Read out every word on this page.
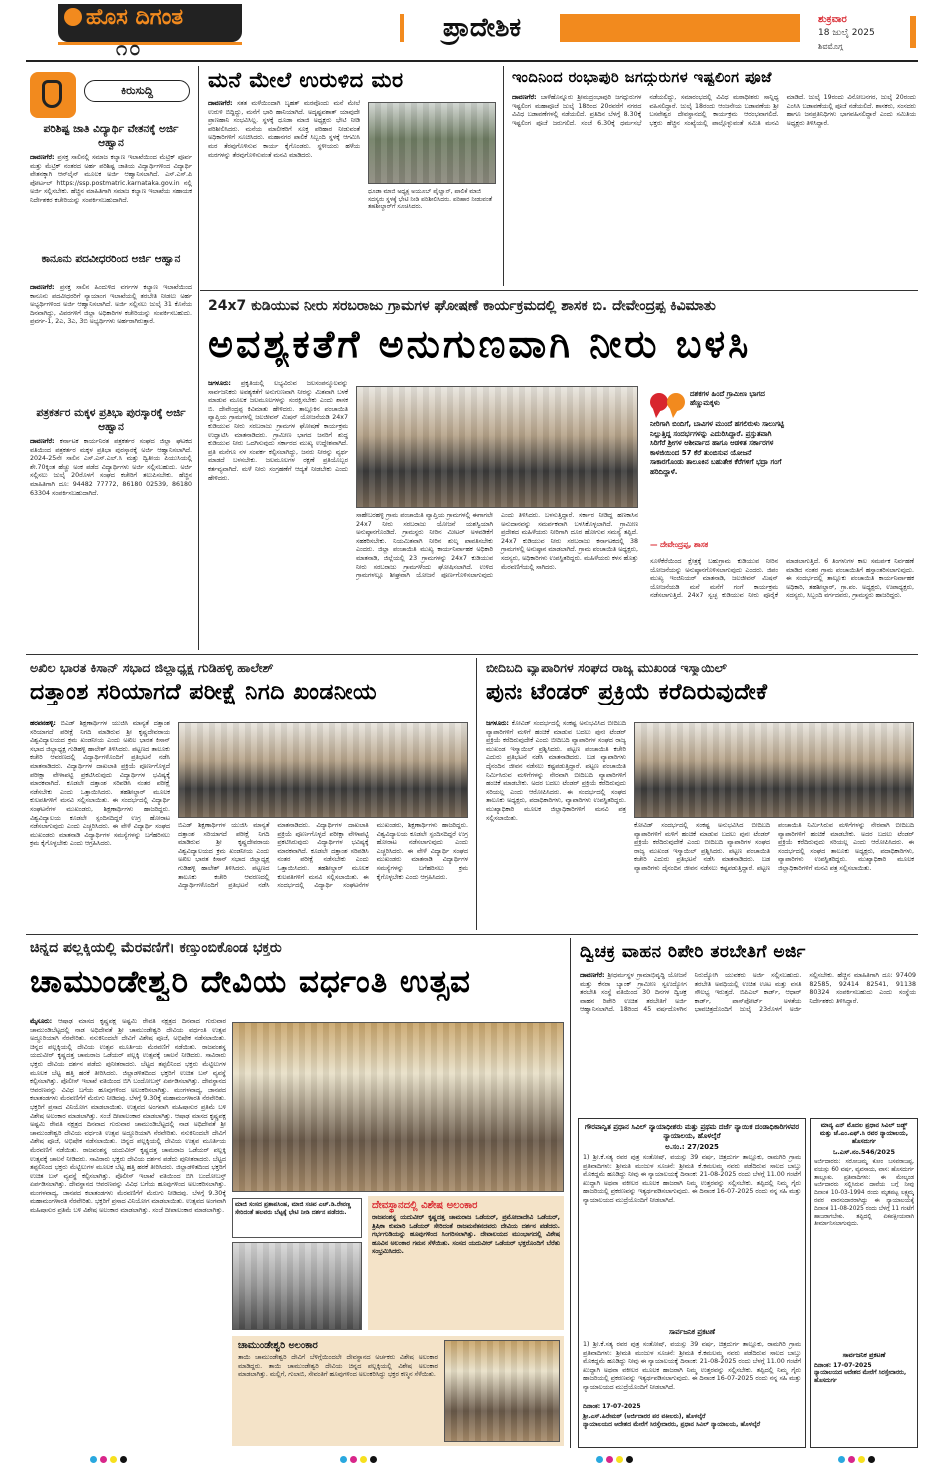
ಹೊಸ ದಿಗಂತ
೧೦
ಪ್ರಾದೇಶಿಕ	ಶುಕ್ರವಾರ
18 ಜುಲೈ 2025
ಶಿವಮೊಗ್ಗ
ಕಿರುಸುದ್ದಿ
ಪರಿಶಿಷ್ಟ ಜಾತಿ ವಿದ್ಯಾರ್ಥಿ ವೇತನಕ್ಕೆ ಅರ್ಜಿ ಆಹ್ವಾನ
ದಾವಣಗೆರೆ: ಪ್ರಸಕ್ತ ಸಾಲಿನಲ್ಲಿ ಸಮಾಜ ಕಲ್ಯಾಣ ಇಲಾಖೆಯಿಂದ ಮೆಟ್ರಿಕ್ ಪೂರ್ವ ಮತ್ತು ಮೆಟ್ರಿಕ್ ನಂತರದ ಅರ್ಹ ಪರಿಶಿಷ್ಟ ಜಾತಿಯ ವಿದ್ಯಾರ್ಥಿಗಳಿಂದ ವಿದ್ಯಾರ್ಥಿ ವೇತನಕ್ಕಾಗಿ ಆನ್‌ಲೈನ್ ಮೂಲಕ ಅರ್ಜಿ ಆಹ್ವಾನಿಸಲಾಗಿದೆ. ಎಸ್.ಎಸ್.ಪಿ ಪೋರ್ಟಲ್ https://ssp.postmatric.karnataka.gov.in ನಲ್ಲಿ ಅರ್ಜಿ ಸಲ್ಲಿಸಬೇಕು. ಹೆಚ್ಚಿನ ಮಾಹಿತಿಗಾಗಿ ಸಮಾಜ ಕಲ್ಯಾಣ ಇಲಾಖೆಯ ಸಹಾಯಕ ನಿರ್ದೇಶಕರ ಕಚೇರಿಯನ್ನು ಸಂಪರ್ಕಿಸಬಹುದಾಗಿದೆ.
ಕಾನೂನು ಪದವೀಧರರಿಂದ ಅರ್ಜಿ ಆಹ್ವಾನ
ದಾವಣಗೆರೆ: ಪ್ರಸಕ್ತ ಸಾಲಿನ ಹಿಂದುಳಿದ ವರ್ಗಗಳ ಕಲ್ಯಾಣ ಇಲಾಖೆಯಿಂದ ಕಾನೂನು ಪದವೀಧರರಿಗೆ ನ್ಯಾಯಾಂಗ ಇಲಾಖೆಯಲ್ಲಿ ತರಬೇತಿ ನೀಡಲು ಅರ್ಹ ಅಭ್ಯರ್ಥಿಗಳಿಂದ ಅರ್ಜಿ ಆಹ್ವಾನಿಸಲಾಗಿದೆ. ಅರ್ಜಿ ಸಲ್ಲಿಸಲು ಜುಲೈ 31 ಕೊನೆಯ ದಿನವಾಗಿದ್ದು, ವಿವರಗಳಿಗೆ ಜಿಲ್ಲಾ ಅಧಿಕಾರಿಗಳ ಕಚೇರಿಯನ್ನು ಸಂಪರ್ಕಿಸಬಹುದು. ಪ್ರವರ್ಗ-1, 2ಎ, 3ಎ, 3ಬಿ ಅಭ್ಯರ್ಥಿಗಳು ಅರ್ಹರಾಗಿರುತ್ತಾರೆ.
ಪತ್ರಕರ್ತರ ಮಕ್ಕಳ ಪ್ರತಿಭಾ ಪುರಸ್ಕಾರಕ್ಕೆ ಅರ್ಜಿ ಆಹ್ವಾನ
ದಾವಣಗೆರೆ: ಕರ್ನಾಟಕ ಕಾರ್ಯನಿರತ ಪತ್ರಕರ್ತರ ಸಂಘದ ಜಿಲ್ಲಾ ಘಟಕದ ವತಿಯಿಂದ ಪತ್ರಕರ್ತರ ಮಕ್ಕಳ ಪ್ರತಿಭಾ ಪುರಸ್ಕಾರಕ್ಕೆ ಅರ್ಜಿ ಆಹ್ವಾನಿಸಲಾಗಿದೆ. 2024-25ನೇ ಸಾಲಿನ ಎಸ್.ಎಸ್.ಎಲ್.ಸಿ ಮತ್ತು ದ್ವಿತೀಯ ಪಿಯುಸಿಯಲ್ಲಿ ಶೇ.70ಕ್ಕಿಂತ ಹೆಚ್ಚು ಅಂಕ ಪಡೆದ ವಿದ್ಯಾರ್ಥಿಗಳು ಅರ್ಜಿ ಸಲ್ಲಿಸಬಹುದು. ಅರ್ಜಿ ಸಲ್ಲಿಸಲು ಜುಲೈ 20ರೊಳಗೆ ಸಂಘದ ಕಚೇರಿಗೆ ತಲುಪಿಸಬೇಕು. ಹೆಚ್ಚಿನ ಮಾಹಿತಿಗಾಗಿ ದೂ: 94482 77772, 86180 02539, 86180 63304 ಸಂಪರ್ಕಿಸಬಹುದಾಗಿದೆ.
ಮನೆ ಮೇಲೆ ಉರುಳಿದ ಮರ
ದಾವಣಗೆರೆ: ಸತತ ಮಳೆಯಿಂದಾಗಿ ಬೃಹತ್ ಮರವೊಂದು ಮನೆ ಮೇಲೆ ಉರುಳಿ ಬಿದ್ದಿದ್ದು, ಮನೆಗೆ ಭಾರಿ ಹಾನಿಯಾಗಿದೆ. ಅದೃಷ್ಟವಶಾತ್ ಯಾವುದೇ ಪ್ರಾಣಹಾನಿ ಸಂಭವಿಸಿಲ್ಲ. ಸ್ಥಳಕ್ಕೆ ಧೂಡಾ ಮಾಜಿ ಅಧ್ಯಕ್ಷರು ಭೇಟಿ ನೀಡಿ ಪರಿಶೀಲಿಸಿದರು. ಮನೆಯ ಮಾಲೀಕರಿಗೆ ಸೂಕ್ತ ಪರಿಹಾರ ನೀಡುವಂತೆ ಅಧಿಕಾರಿಗಳಿಗೆ ಸೂಚಿಸಿದರು. ಮಹಾನಗರ ಪಾಲಿಕೆ ಸಿಬ್ಬಂದಿ ಸ್ಥಳಕ್ಕೆ ಆಗಮಿಸಿ ಮರ ತೆರವುಗೊಳಿಸುವ ಕಾರ್ಯ ಕೈಗೊಂಡರು. ಸ್ಥಳೀಯರು ಹಳೆಯ ಮರಗಳನ್ನು ತೆರವುಗೊಳಿಸುವಂತೆ ಮನವಿ ಮಾಡಿದರು.
ಧೂಡಾ ಮಾಜಿ ಅಧ್ಯಕ್ಷ ಅಯೂಬ್ ಪೈಲ್ವಾನ್, ಪಾಲಿಕೆ ಮಾಜಿ ಸದಸ್ಯರು ಸ್ಥಳಕ್ಕೆ ಭೇಟಿ ನೀಡಿ ಪರಿಶೀಲಿಸಿದರು. ಪರಿಹಾರ ನೀಡುವಂತೆ ತಹಶೀಲ್ದಾರ್‌ಗೆ ಸೂಚಿಸಿದರು.
ಇಂದಿನಿಂದ ರಂಭಾಪುರಿ ಜಗದ್ಗುರುಗಳ ಇಷ್ಟಲಿಂಗ ಪೂಜೆ
ದಾವಣಗೆರೆ: ಬಾಳೆಹೊನ್ನೂರು ಶ್ರೀಮದ್ರಂಭಾಪುರಿ ಜಗದ್ಗುರುಗಳ ಇಷ್ಟಲಿಂಗ ಮಹಾಪೂಜೆ ಜುಲೈ 18ರಿಂದ 20ರವರೆಗೆ ನಗರದ ವಿವಿಧ ಬಡಾವಣೆಗಳಲ್ಲಿ ನಡೆಯಲಿದೆ. ಪ್ರತಿದಿನ ಬೆಳಗ್ಗೆ 8.30ಕ್ಕೆ ಇಷ್ಟಲಿಂಗ ಪೂಜೆ ಜರುಗಲಿದೆ. ಸಂಜೆ 6.30ಕ್ಕೆ ಧರ್ಮಸಭೆ ನಡೆಯಲಿದ್ದು, ಸಮಾರಂಭದಲ್ಲಿ ವಿವಿಧ ಮಠಾಧೀಶರು ಸಾನ್ನಿಧ್ಯ ವಹಿಸಲಿದ್ದಾರೆ. ಜುಲೈ 18ರಂದು ಆಂಜನೇಯ ಬಡಾವಣೆಯ ಶ್ರೀ ಬಸವೇಶ್ವರ ದೇವಸ್ಥಾನದಲ್ಲಿ ಕಾರ್ಯಕ್ರಮ ಆರಂಭವಾಗಲಿದೆ. ಭಕ್ತರು ಹೆಚ್ಚಿನ ಸಂಖ್ಯೆಯಲ್ಲಿ ಪಾಲ್ಗೊಳ್ಳುವಂತೆ ಸಮಿತಿ ಮನವಿ ಮಾಡಿದೆ. ಜುಲೈ 19ರಂದು ವಿನೋಬನಗರ, ಜುಲೈ 20ರಂದು ಎಂಸಿಸಿ ಬಡಾವಣೆಯಲ್ಲಿ ಪೂಜೆ ನಡೆಯಲಿದೆ. ಶಾಸಕರು, ಸಂಸದರು ಹಾಗೂ ಜನಪ್ರತಿನಿಧಿಗಳು ಭಾಗವಹಿಸಲಿದ್ದಾರೆ ಎಂದು ಸಮಿತಿಯ ಅಧ್ಯಕ್ಷರು ತಿಳಿಸಿದ್ದಾರೆ.
24x7 ಕುಡಿಯುವ ನೀರು ಸರಬರಾಜು ಗ್ರಾಮಗಳ ಘೋಷಣೆ ಕಾರ್ಯಕ್ರಮದಲ್ಲಿ ಶಾಸಕ ಬಿ. ದೇವೇಂದ್ರಪ್ಪ ಕಿವಿಮಾತು
ಅವಶ್ಯಕತೆಗೆ ಅನುಗುಣವಾಗಿ ನೀರು ಬಳಸಿ
ಜಗಳೂರು: ಪ್ರಕೃತಿಯಲ್ಲಿ ಲಭ್ಯವಿರುವ ಜಲಸಂಪನ್ಮೂಲವನ್ನು ಸಾರ್ವಜನಿಕರು ಅವಶ್ಯಕತೆಗೆ ಅನುಗುಣವಾಗಿ ನೀರನ್ನು ಮಿತವಾಗಿ ಬಳಕೆ ಮಾಡುವ ಮೂಲಕ ಜಲಮೂಲಗಳನ್ನು ಸಂರಕ್ಷಿಸಬೇಕು ಎಂದು ಶಾಸಕ ಬಿ. ದೇವೇಂದ್ರಪ್ಪ ಕಿವಿಮಾತು ಹೇಳಿದರು. ತಾಲ್ಲೂಕಿನ ಪಂಚಾಯಿತಿ ವ್ಯಾಪ್ತಿಯ ಗ್ರಾಮಗಳಲ್ಲಿ ಜಲಜೀವನ್ ಮಿಷನ್ ಯೋಜನೆಯಡಿ 24x7 ಕುಡಿಯುವ ನೀರು ಸರಬರಾಜು ಗ್ರಾಮಗಳ ಘೋಷಣೆ ಕಾರ್ಯಕ್ರಮ ಉದ್ಘಾಟಿಸಿ ಮಾತನಾಡಿದರು. ಗ್ರಾಮೀಣ ಭಾಗದ ಜನರಿಗೆ ಶುದ್ಧ ಕುಡಿಯುವ ನೀರು ಒದಗಿಸುವುದು ಸರ್ಕಾರದ ಮುಖ್ಯ ಉದ್ದೇಶವಾಗಿದೆ. ಪ್ರತಿ ಮನೆಗೂ ನಳ ಸಂಪರ್ಕ ಕಲ್ಪಿಸಲಾಗಿದ್ದು, ಜನರು ನೀರನ್ನು ವ್ಯರ್ಥ ಮಾಡದೆ ಬಳಸಬೇಕು. ಜಲಮೂಲಗಳ ರಕ್ಷಣೆ ಪ್ರತಿಯೊಬ್ಬರ ಕರ್ತವ್ಯವಾಗಿದೆ. ಮಳೆ ನೀರು ಸಂಗ್ರಹಣೆಗೆ ಆದ್ಯತೆ ನೀಡಬೇಕು ಎಂದು ಹೇಳಿದರು.
ಸಾಹೇಬರಹಳ್ಳಿ ಗ್ರಾಮ ಪಂಚಾಯಿತಿ ವ್ಯಾಪ್ತಿಯ ಗ್ರಾಮಗಳಲ್ಲಿ ಈಗಾಗಲೇ 24x7 ನೀರು ಸರಬರಾಜು ಯೋಜನೆ ಯಶಸ್ವಿಯಾಗಿ ಅನುಷ್ಠಾನಗೊಂಡಿದೆ. ಗ್ರಾಮಸ್ಥರು ನೀರಿನ ಮೀಟರ್ ಅಳವಡಿಕೆಗೆ ಸಹಕರಿಸಬೇಕು. ನಿಯಮಿತವಾಗಿ ನೀರಿನ ಶುಲ್ಕ ಪಾವತಿಸಬೇಕು ಎಂದರು. ಜಿಲ್ಲಾ ಪಂಚಾಯಿತಿ ಮುಖ್ಯ ಕಾರ್ಯನಿರ್ವಾಹಕ ಅಧಿಕಾರಿ ಮಾತನಾಡಿ, ಜಿಲ್ಲೆಯಲ್ಲಿ 23 ಗ್ರಾಮಗಳನ್ನು 24x7 ಕುಡಿಯುವ ನೀರು ಸರಬರಾಜು ಗ್ರಾಮಗಳೆಂದು ಘೋಷಿಸಲಾಗಿದೆ. ಉಳಿದ ಗ್ರಾಮಗಳಲ್ಲೂ ಶೀಘ್ರವಾಗಿ ಯೋಜನೆ ಪೂರ್ಣಗೊಳಿಸಲಾಗುವುದು ಎಂದು ತಿಳಿಸಿದರು. ಬಳಸುತ್ತಿದ್ದಾರೆ. ಸರ್ಕಾರ ನೀಡಿದ್ದ ಹಣಕಾಸಿನ ಅನುದಾನವನ್ನು ಸಮರ್ಪಕವಾಗಿ ಬಳಸಿಕೊಳ್ಳಲಾಗಿದೆ. ಗ್ರಾಮೀಣ ಪ್ರದೇಶದ ಮಹಿಳೆಯರು ನೀರಿಗಾಗಿ ದೂರ ಹೋಗುವ ಸಮಸ್ಯೆ ತಪ್ಪಿದೆ. 24x7 ಕುಡಿಯುವ ನೀರು ಸರಬರಾಜು ಕರ್ನಾಟಕದಲ್ಲಿ 38 ಗ್ರಾಮಗಳಲ್ಲಿ ಅನುಷ್ಠಾನ ಮಾಡಲಾಗಿದೆ. ಗ್ರಾಮ ಪಂಚಾಯಿತಿ ಅಧ್ಯಕ್ಷರು, ಸದಸ್ಯರು, ಅಧಿಕಾರಿಗಳು ಉಪಸ್ಥಿತರಿದ್ದರು. ಮಹಿಳೆಯರು ಕಳಸ ಹೊತ್ತು ಮೆರವಣಿಗೆಯಲ್ಲಿ ಸಾಗಿದರು.
ದಶಕಗಳ ಹಿಂದೆ ಗ್ರಾಮೀಣ ಭಾಗದ ಹೆಣ್ಣುಮಕ್ಕಳು
ನೀರಿಗಾಗಿ ಬಿಂದಿಗೆ, ಬಾವಿಗಳ ಮುಂದೆ ಹಗಲಿರುಳು ಸಾಲುಗಟ್ಟಿ ನಿಲ್ಲುತ್ತಿದ್ದ ಸಂದರ್ಭಗಳನ್ನು ಎದುರಿಸಿದ್ದಾರೆ. ಪ್ರಸ್ತುತವಾಗಿ ಸಿರಿಗೆರೆ ಶ್ರೀಗಳ ಆಶೀರ್ವಾದ ಹಾಗೂ ಆಡಳಿತ ಸರ್ಕಾರಗಳ ಕಾಳಜಿಯಿಂದ 57 ಕೆರೆ ತುಂಬಿಸುವ ಯೋಜನೆ ಸಾಕಾರಗೊಂಡು ತಾಲೂಕಿನ ಬಹುತೇಕ ಕೆರೆಗಳಿಗೆ ಭದ್ರಾ ಗಂಗೆ ಹರಿದಿದ್ದಾಳೆ.
— ದೇವೇಂದ್ರಪ್ಪ, ಶಾಸಕ
ಸೂಳೆಕೆರೆಯಿಂದ ಕ್ಷೇತ್ರಕ್ಕೆ ಬಹುಗ್ರಾಮ ಕುಡಿಯುವ ನೀರಿನ ಯೋಜನೆಯನ್ನು ಅನುಷ್ಠಾನಗೊಳಿಸಲಾಗುವುದು ಎಂದರು. ಜಿಪಂ ಮುಖ್ಯ ಇಂಜಿನಿಯರ್ ಮಾತನಾಡಿ, ಜಲಜೀವನ್ ಮಿಷನ್ ಯೋಜನೆಯಡಿ ಮನೆ ಮನೆಗೆ ಗಂಗೆ ಕಾರ್ಯಕ್ರಮ ನಡೆಸಲಾಗುತ್ತಿದೆ. 24x7 ಸ್ವಚ್ಛ ಕುಡಿಯುವ ನೀರು ಪೂರೈಕೆ ಮಾಡಲಾಗುತ್ತಿದೆ. 6 ತಿಂಗಳುಗಳ ಕಾಲ ಸಮರ್ಪಕ ನಿರ್ವಹಣೆ ಮಾಡಿದ ನಂತರ ಗ್ರಾಮ ಪಂಚಾಯಿತಿಗೆ ಹಸ್ತಾಂತರಿಸಲಾಗುವುದು. ಈ ಸಂದರ್ಭದಲ್ಲಿ ತಾಲ್ಲೂಕು ಪಂಚಾಯಿತಿ ಕಾರ್ಯನಿರ್ವಾಹಕ ಅಧಿಕಾರಿ, ತಹಶೀಲ್ದಾರ್, ಗ್ರಾ.ಪಂ. ಅಧ್ಯಕ್ಷರು, ಉಪಾಧ್ಯಕ್ಷರು, ಸದಸ್ಯರು, ಸಿಬ್ಬಂದಿ ವರ್ಗದವರು, ಗ್ರಾಮಸ್ಥರು ಹಾಜರಿದ್ದರು.
ಅಖಿಲ ಭಾರತ ಕಿಸಾನ್ ಸಭಾದ ಜಿಲ್ಲಾಧ್ಯಕ್ಷ ಗುಡಿಹಳ್ಳಿ ಹಾಲೇಶ್
ದತ್ತಾಂಶ ಸರಿಯಾಗದೆ ಪರೀಕ್ಷೆ ನಿಗದಿ ಖಂಡನೀಯ
ಹರಪನಹಳ್ಳಿ: ಬಿಎಡ್ ಶಿಕ್ಷಣಾರ್ಥಿಗಳ ಯುಜಿಸಿ ಮಾನ್ಯತೆ ದತ್ತಾಂಶ ಸರಿಯಾಗದೆ ಪರೀಕ್ಷೆ ನಿಗದಿ ಮಾಡಿರುವ ಶ್ರೀ ಕೃಷ್ಣದೇವರಾಯ ವಿಶ್ವವಿದ್ಯಾಲಯದ ಕ್ರಮ ಖಂಡನೀಯ ಎಂದು ಅಖಿಲ ಭಾರತ ಕಿಸಾನ್ ಸಭಾದ ಜಿಲ್ಲಾಧ್ಯಕ್ಷ ಗುಡಿಹಳ್ಳಿ ಹಾಲೇಶ್ ತಿಳಿಸಿದರು. ಪಟ್ಟಣದ ತಾಲೂಕು ಕಚೇರಿ ಆವರಣದಲ್ಲಿ ವಿದ್ಯಾರ್ಥಿಗಳೊಂದಿಗೆ ಪ್ರತಿಭಟನೆ ನಡೆಸಿ ಮಾತನಾಡಿದರು. ವಿದ್ಯಾರ್ಥಿಗಳ ದಾಖಲಾತಿ ಪ್ರಕ್ರಿಯೆ ಪೂರ್ಣಗೊಳ್ಳದೆ ಪರೀಕ್ಷಾ ವೇಳಾಪಟ್ಟಿ ಪ್ರಕಟಿಸಿರುವುದು ವಿದ್ಯಾರ್ಥಿಗಳ ಭವಿಷ್ಯಕ್ಕೆ ಮಾರಕವಾಗಿದೆ. ಕೂಡಲೇ ದತ್ತಾಂಶ ಸರಿಪಡಿಸಿ ನಂತರ ಪರೀಕ್ಷೆ ನಡೆಸಬೇಕು ಎಂದು ಒತ್ತಾಯಿಸಿದರು. ತಹಶೀಲ್ದಾರ್ ಮೂಲಕ ಕುಲಪತಿಗಳಿಗೆ ಮನವಿ ಸಲ್ಲಿಸಲಾಯಿತು. ಈ ಸಂದರ್ಭದಲ್ಲಿ ವಿದ್ಯಾರ್ಥಿ ಸಂಘಟನೆಗಳ ಮುಖಂಡರು, ಶಿಕ್ಷಣಾರ್ಥಿಗಳು ಹಾಜರಿದ್ದರು. ವಿಶ್ವವಿದ್ಯಾಲಯ ಕೂಡಲೇ ಸ್ಪಂದಿಸದಿದ್ದರೆ ಉಗ್ರ ಹೋರಾಟ ನಡೆಸಲಾಗುವುದು ಎಂದು ಎಚ್ಚರಿಸಿದರು. ಈ ವೇಳೆ ವಿದ್ಯಾರ್ಥಿ ಸಂಘದ ಮುಖಂಡರು ಮಾತನಾಡಿ ವಿದ್ಯಾರ್ಥಿಗಳ ಸಮಸ್ಯೆಗಳನ್ನು ಬಗೆಹರಿಸಲು ಕ್ರಮ ಕೈಗೊಳ್ಳಬೇಕು ಎಂದು ಆಗ್ರಹಿಸಿದರು.
ಬಿಎಡ್ ಶಿಕ್ಷಣಾರ್ಥಿಗಳ ಯುಜಿಸಿ ಮಾನ್ಯತೆ ದತ್ತಾಂಶ ಸರಿಯಾಗದೆ ಪರೀಕ್ಷೆ ನಿಗದಿ ಮಾಡಿರುವ ಶ್ರೀ ಕೃಷ್ಣದೇವರಾಯ ವಿಶ್ವವಿದ್ಯಾಲಯದ ಕ್ರಮ ಖಂಡನೀಯ ಎಂದು ಅಖಿಲ ಭಾರತ ಕಿಸಾನ್ ಸಭಾದ ಜಿಲ್ಲಾಧ್ಯಕ್ಷ ಗುಡಿಹಳ್ಳಿ ಹಾಲೇಶ್ ತಿಳಿಸಿದರು. ಪಟ್ಟಣದ ತಾಲೂಕು ಕಚೇರಿ ಆವರಣದಲ್ಲಿ ವಿದ್ಯಾರ್ಥಿಗಳೊಂದಿಗೆ ಪ್ರತಿಭಟನೆ ನಡೆಸಿ ಮಾತನಾಡಿದರು. ವಿದ್ಯಾರ್ಥಿಗಳ ದಾಖಲಾತಿ ಪ್ರಕ್ರಿಯೆ ಪೂರ್ಣಗೊಳ್ಳದೆ ಪರೀಕ್ಷಾ ವೇಳಾಪಟ್ಟಿ ಪ್ರಕಟಿಸಿರುವುದು ವಿದ್ಯಾರ್ಥಿಗಳ ಭವಿಷ್ಯಕ್ಕೆ ಮಾರಕವಾಗಿದೆ. ಕೂಡಲೇ ದತ್ತಾಂಶ ಸರಿಪಡಿಸಿ ನಂತರ ಪರೀಕ್ಷೆ ನಡೆಸಬೇಕು ಎಂದು ಒತ್ತಾಯಿಸಿದರು. ತಹಶೀಲ್ದಾರ್ ಮೂಲಕ ಕುಲಪತಿಗಳಿಗೆ ಮನವಿ ಸಲ್ಲಿಸಲಾಯಿತು. ಈ ಸಂದರ್ಭದಲ್ಲಿ ವಿದ್ಯಾರ್ಥಿ ಸಂಘಟನೆಗಳ ಮುಖಂಡರು, ಶಿಕ್ಷಣಾರ್ಥಿಗಳು ಹಾಜರಿದ್ದರು. ವಿಶ್ವವಿದ್ಯಾಲಯ ಕೂಡಲೇ ಸ್ಪಂದಿಸದಿದ್ದರೆ ಉಗ್ರ ಹೋರಾಟ ನಡೆಸಲಾಗುವುದು ಎಂದು ಎಚ್ಚರಿಸಿದರು. ಈ ವೇಳೆ ವಿದ್ಯಾರ್ಥಿ ಸಂಘದ ಮುಖಂಡರು ಮಾತನಾಡಿ ವಿದ್ಯಾರ್ಥಿಗಳ ಸಮಸ್ಯೆಗಳನ್ನು ಬಗೆಹರಿಸಲು ಕ್ರಮ ಕೈಗೊಳ್ಳಬೇಕು ಎಂದು ಆಗ್ರಹಿಸಿದರು.
ಬೀದಿಬದಿ ವ್ಯಾಪಾರಿಗಳ ಸಂಘದ ರಾಜ್ಯ ಮುಖಂಡ ಇಸ್ಮಾಯಿಲ್
ಪುನಃ ಟೆಂಡರ್ ಪ್ರಕ್ರಿಯೆ ಕರೆದಿರುವುದೇಕೆ
ಜಗಳೂರು: ಕೋವಿಡ್ ಸಂದರ್ಭದಲ್ಲಿ ಸಂಕಷ್ಟ ಅನುಭವಿಸಿದ ಬೀದಿಬದಿ ವ್ಯಾಪಾರಿಗಳಿಗೆ ಮಳಿಗೆ ಹಂಚಿಕೆ ಮಾಡುವ ಬದಲು ಪುನಃ ಟೆಂಡರ್ ಪ್ರಕ್ರಿಯೆ ಕರೆದಿರುವುದೇಕೆ ಎಂದು ಬೀದಿಬದಿ ವ್ಯಾಪಾರಿಗಳ ಸಂಘದ ರಾಜ್ಯ ಮುಖಂಡ ಇಸ್ಮಾಯಿಲ್ ಪ್ರಶ್ನಿಸಿದರು. ಪಟ್ಟಣ ಪಂಚಾಯಿತಿ ಕಚೇರಿ ಎದುರು ಪ್ರತಿಭಟನೆ ನಡೆಸಿ ಮಾತನಾಡಿದರು. ಬಡ ವ್ಯಾಪಾರಿಗಳು ದೈನಂದಿನ ಜೀವನ ನಡೆಸಲು ಕಷ್ಟಪಡುತ್ತಿದ್ದಾರೆ. ಪಟ್ಟಣ ಪಂಚಾಯಿತಿ ನಿರ್ಮಿಸಿರುವ ಮಳಿಗೆಗಳನ್ನು ನೇರವಾಗಿ ಬೀದಿಬದಿ ವ್ಯಾಪಾರಿಗಳಿಗೆ ಹಂಚಿಕೆ ಮಾಡಬೇಕು. ಅದರ ಬದಲು ಟೆಂಡರ್ ಪ್ರಕ್ರಿಯೆ ಕರೆದಿರುವುದು ಸರಿಯಲ್ಲ ಎಂದು ಆರೋಪಿಸಿದರು. ಈ ಸಂದರ್ಭದಲ್ಲಿ ಸಂಘದ ತಾಲೂಕು ಅಧ್ಯಕ್ಷರು, ಪದಾಧಿಕಾರಿಗಳು, ವ್ಯಾಪಾರಿಗಳು ಉಪಸ್ಥಿತರಿದ್ದರು. ಮುಖ್ಯಾಧಿಕಾರಿ ಮೂಲಕ ಜಿಲ್ಲಾಧಿಕಾರಿಗಳಿಗೆ ಮನವಿ ಪತ್ರ ಸಲ್ಲಿಸಲಾಯಿತು.
ಕೋವಿಡ್ ಸಂದರ್ಭದಲ್ಲಿ ಸಂಕಷ್ಟ ಅನುಭವಿಸಿದ ಬೀದಿಬದಿ ವ್ಯಾಪಾರಿಗಳಿಗೆ ಮಳಿಗೆ ಹಂಚಿಕೆ ಮಾಡುವ ಬದಲು ಪುನಃ ಟೆಂಡರ್ ಪ್ರಕ್ರಿಯೆ ಕರೆದಿರುವುದೇಕೆ ಎಂದು ಬೀದಿಬದಿ ವ್ಯಾಪಾರಿಗಳ ಸಂಘದ ರಾಜ್ಯ ಮುಖಂಡ ಇಸ್ಮಾಯಿಲ್ ಪ್ರಶ್ನಿಸಿದರು. ಪಟ್ಟಣ ಪಂಚಾಯಿತಿ ಕಚೇರಿ ಎದುರು ಪ್ರತಿಭಟನೆ ನಡೆಸಿ ಮಾತನಾಡಿದರು. ಬಡ ವ್ಯಾಪಾರಿಗಳು ದೈನಂದಿನ ಜೀವನ ನಡೆಸಲು ಕಷ್ಟಪಡುತ್ತಿದ್ದಾರೆ. ಪಟ್ಟಣ ಪಂಚಾಯಿತಿ ನಿರ್ಮಿಸಿರುವ ಮಳಿಗೆಗಳನ್ನು ನೇರವಾಗಿ ಬೀದಿಬದಿ ವ್ಯಾಪಾರಿಗಳಿಗೆ ಹಂಚಿಕೆ ಮಾಡಬೇಕು. ಅದರ ಬದಲು ಟೆಂಡರ್ ಪ್ರಕ್ರಿಯೆ ಕರೆದಿರುವುದು ಸರಿಯಲ್ಲ ಎಂದು ಆರೋಪಿಸಿದರು. ಈ ಸಂದರ್ಭದಲ್ಲಿ ಸಂಘದ ತಾಲೂಕು ಅಧ್ಯಕ್ಷರು, ಪದಾಧಿಕಾರಿಗಳು, ವ್ಯಾಪಾರಿಗಳು ಉಪಸ್ಥಿತರಿದ್ದರು. ಮುಖ್ಯಾಧಿಕಾರಿ ಮೂಲಕ ಜಿಲ್ಲಾಧಿಕಾರಿಗಳಿಗೆ ಮನವಿ ಪತ್ರ ಸಲ್ಲಿಸಲಾಯಿತು.
ಚಿನ್ನದ ಪಲ್ಲಕ್ಕಿಯಲ್ಲಿ ಮೆರವಣಿಗೆ। ಕಣ್ತುಂಬಿಕೊಂಡ ಭಕ್ತರು
ಚಾಮುಂಡೇಶ್ವರಿ ದೇವಿಯ ವರ್ಧಂತಿ ಉತ್ಸವ
ಮೈಸೂರು: ಆಷಾಢ ಮಾಸದ ಕೃಷ್ಣಪಕ್ಷ ಅಷ್ಟಮಿ ರೇವತಿ ನಕ್ಷತ್ರದ ದಿನವಾದ ಗುರುವಾರ ಚಾಮುಂಡಿಬೆಟ್ಟದಲ್ಲಿ ನಾಡ ಅಧಿದೇವತೆ ಶ್ರೀ ಚಾಮುಂಡೇಶ್ವರಿ ದೇವಿಯ ವರ್ಧಂತಿ ಉತ್ಸವ ಅದ್ದೂರಿಯಾಗಿ ನೆರವೇರಿತು. ನಸುಕಿನಿಂದಲೇ ದೇವಿಗೆ ವಿಶೇಷ ಪೂಜೆ, ಅಭಿಷೇಕ ನಡೆಸಲಾಯಿತು. ಚಿನ್ನದ ಪಲ್ಲಕ್ಕಿಯಲ್ಲಿ ದೇವಿಯ ಉತ್ಸವ ಮೂರ್ತಿಯ ಮೆರವಣಿಗೆ ನಡೆಯಿತು. ರಾಜವಂಶಸ್ಥ ಯದುವೀರ್ ಕೃಷ್ಣದತ್ತ ಚಾಮರಾಜ ಒಡೆಯರ್ ಪಲ್ಲಕ್ಕಿ ಉತ್ಸವಕ್ಕೆ ಚಾಲನೆ ನೀಡಿದರು. ಸಾವಿರಾರು ಭಕ್ತರು ದೇವಿಯ ದರ್ಶನ ಪಡೆದು ಪುನೀತರಾದರು. ಬೆಟ್ಟದ ತಪ್ಪಲಿನಿಂದ ಭಕ್ತರು ಮೆಟ್ಟಿಲುಗಳ ಮೂಲಕ ಬೆಟ್ಟ ಹತ್ತಿ ಹರಕೆ ತೀರಿಸಿದರು. ಜಿಲ್ಲಾಡಳಿತದಿಂದ ಭಕ್ತರಿಗೆ ಉಚಿತ ಬಸ್ ವ್ಯವಸ್ಥೆ ಕಲ್ಪಿಸಲಾಗಿತ್ತು. ಪೊಲೀಸ್ ಇಲಾಖೆ ವತಿಯಿಂದ ಬಿಗಿ ಬಂದೋಬಸ್ತ್ ಏರ್ಪಡಿಸಲಾಗಿತ್ತು. ದೇವಸ್ಥಾನದ ಆವರಣವನ್ನು ವಿವಿಧ ಬಗೆಯ ಹೂವುಗಳಿಂದ ಅಲಂಕರಿಸಲಾಗಿತ್ತು. ಮಂಗಳವಾದ್ಯ, ಜಾನಪದ ಕಲಾತಂಡಗಳು ಮೆರವಣಿಗೆಗೆ ಮೆರುಗು ನೀಡಿದವು. ಬೆಳಗ್ಗೆ 9.30ಕ್ಕೆ ಮಹಾಮಂಗಳಾರತಿ ನೆರವೇರಿತು. ಭಕ್ತರಿಗೆ ಪ್ರಸಾದ ವಿನಿಯೋಗ ಮಾಡಲಾಯಿತು. ಉತ್ಸವದ ಅಂಗವಾಗಿ ಮಹಿಷಾಸುರ ಪ್ರತಿಮೆ ಬಳಿ ವಿಶೇಷ ಅಲಂಕಾರ ಮಾಡಲಾಗಿತ್ತು. ಸಂಜೆ ದೀಪಾಲಂಕಾರ ಮಾಡಲಾಗಿತ್ತು. ಆಷಾಢ ಮಾಸದ ಕೃಷ್ಣಪಕ್ಷ ಅಷ್ಟಮಿ ರೇವತಿ ನಕ್ಷತ್ರದ ದಿನವಾದ ಗುರುವಾರ ಚಾಮುಂಡಿಬೆಟ್ಟದಲ್ಲಿ ನಾಡ ಅಧಿದೇವತೆ ಶ್ರೀ ಚಾಮುಂಡೇಶ್ವರಿ ದೇವಿಯ ವರ್ಧಂತಿ ಉತ್ಸವ ಅದ್ದೂರಿಯಾಗಿ ನೆರವೇರಿತು. ನಸುಕಿನಿಂದಲೇ ದೇವಿಗೆ ವಿಶೇಷ ಪೂಜೆ, ಅಭಿಷೇಕ ನಡೆಸಲಾಯಿತು. ಚಿನ್ನದ ಪಲ್ಲಕ್ಕಿಯಲ್ಲಿ ದೇವಿಯ ಉತ್ಸವ ಮೂರ್ತಿಯ ಮೆರವಣಿಗೆ ನಡೆಯಿತು. ರಾಜವಂಶಸ್ಥ ಯದುವೀರ್ ಕೃಷ್ಣದತ್ತ ಚಾಮರಾಜ ಒಡೆಯರ್ ಪಲ್ಲಕ್ಕಿ ಉತ್ಸವಕ್ಕೆ ಚಾಲನೆ ನೀಡಿದರು. ಸಾವಿರಾರು ಭಕ್ತರು ದೇವಿಯ ದರ್ಶನ ಪಡೆದು ಪುನೀತರಾದರು. ಬೆಟ್ಟದ ತಪ್ಪಲಿನಿಂದ ಭಕ್ತರು ಮೆಟ್ಟಿಲುಗಳ ಮೂಲಕ ಬೆಟ್ಟ ಹತ್ತಿ ಹರಕೆ ತೀರಿಸಿದರು. ಜಿಲ್ಲಾಡಳಿತದಿಂದ ಭಕ್ತರಿಗೆ ಉಚಿತ ಬಸ್ ವ್ಯವಸ್ಥೆ ಕಲ್ಪಿಸಲಾಗಿತ್ತು. ಪೊಲೀಸ್ ಇಲಾಖೆ ವತಿಯಿಂದ ಬಿಗಿ ಬಂದೋಬಸ್ತ್ ಏರ್ಪಡಿಸಲಾಗಿತ್ತು. ದೇವಸ್ಥಾನದ ಆವರಣವನ್ನು ವಿವಿಧ ಬಗೆಯ ಹೂವುಗಳಿಂದ ಅಲಂಕರಿಸಲಾಗಿತ್ತು. ಮಂಗಳವಾದ್ಯ, ಜಾನಪದ ಕಲಾತಂಡಗಳು ಮೆರವಣಿಗೆಗೆ ಮೆರುಗು ನೀಡಿದವು. ಬೆಳಗ್ಗೆ 9.30ಕ್ಕೆ ಮಹಾಮಂಗಳಾರತಿ ನೆರವೇರಿತು. ಭಕ್ತರಿಗೆ ಪ್ರಸಾದ ವಿನಿಯೋಗ ಮಾಡಲಾಯಿತು. ಉತ್ಸವದ ಅಂಗವಾಗಿ ಮಹಿಷಾಸುರ ಪ್ರತಿಮೆ ಬಳಿ ವಿಶೇಷ ಅಲಂಕಾರ ಮಾಡಲಾಗಿತ್ತು. ಸಂಜೆ ದೀಪಾಲಂಕಾರ ಮಾಡಲಾಗಿತ್ತು.
ಮಾಜಿ ಸಂಸದ ಪ್ರತಾಪಸಿಂಹ, ಮಾಜಿ ಸಚಿವ ಎಚ್.ಡಿ.ರೇವಣ್ಣ ಸೇರಿದಂತೆ ಹಲವರು ಬೆಟ್ಟಕ್ಕೆ ಭೇಟಿ ನೀಡಿ ದರ್ಶನ ಪಡೆದರು.
ದೇವಸ್ಥಾನದಲ್ಲಿ ವಿಶೇಷ ಅಲಂಕಾರ
ರಾಜವಂಶಸ್ಥ ಯದುವೀರ್ ಕೃಷ್ಣದತ್ತ ಚಾಮರಾಜ ಒಡೆಯರ್, ಪ್ರಮೋದಾದೇವಿ ಒಡೆಯರ್, ತ್ರಿಷಿಕಾ ಕುಮಾರಿ ಒಡೆಯರ್ ಸೇರಿದಂತೆ ರಾಜಮನೆತನದವರು ದೇವಿಯ ದರ್ಶನ ಪಡೆದರು. ಗರ್ಭಗುಡಿಯನ್ನು ಹೂವುಗಳಿಂದ ಸಿಂಗರಿಸಲಾಗಿತ್ತು. ದೇವಾಲಯದ ಮುಂಭಾಗದಲ್ಲಿ ವಿಶೇಷ ಹೂವಿನ ಅಲಂಕಾರ ಗಮನ ಸೆಳೆಯಿತು. ಸಂಸದ ಯದುವೀರ್ ಒಡೆಯರ್ ಭಕ್ತರೊಂದಿಗೆ ಬೆರೆತು ಸಂಭ್ರಮಿಸಿದರು.
ಚಾಮುಂಡೇಶ್ವರಿ ಅಲಂಕಾರ
ತಾಯಿ ಚಾಮುಂಡೇಶ್ವರಿ ದೇವಿಗೆ ಬೆಳಿಗ್ಗೆಯಿಂದಲೇ ದೇವಸ್ಥಾನದ ಅರ್ಚಕರು ವಿಶೇಷ ಅಲಂಕಾರ ಮಾಡಿದ್ದರು. ತಾಯಿ ಚಾಮುಂಡೇಶ್ವರಿ ದೇವಿಯ ಚಿನ್ನದ ಪಲ್ಲಕ್ಕಿಯಲ್ಲಿ ವಿಶೇಷ ಅಲಂಕಾರ ಮಾಡಲಾಗಿತ್ತು. ಮಲ್ಲಿಗೆ, ಗುಲಾಬಿ, ಸೇವಂತಿಗೆ ಹೂವುಗಳಿಂದ ಅಲಂಕರಿಸಿದ್ದು ಭಕ್ತರ ಕಣ್ಮನ ಸೆಳೆಯಿತು.
ದ್ವಿಚಕ್ರ ವಾಹನ ರಿಪೇರಿ ತರಬೇತಿಗೆ ಅರ್ಜಿ
ದಾವಣಗೆರೆ: ಶ್ರೀಧರ್ಮಸ್ಥಳ ಗ್ರಾಮಾಭಿವೃದ್ಧಿ ಯೋಜನೆ ಮತ್ತು ಕೆನರಾ ಬ್ಯಾಂಕ್ ಗ್ರಾಮೀಣ ಸ್ವಉದ್ಯೋಗ ತರಬೇತಿ ಸಂಸ್ಥೆ ವತಿಯಿಂದ 30 ದಿನಗಳ ದ್ವಿಚಕ್ರ ವಾಹನ ರಿಪೇರಿ ಉಚಿತ ತರಬೇತಿಗೆ ಅರ್ಜಿ ಆಹ್ವಾನಿಸಲಾಗಿದೆ. 18ರಿಂದ 45 ವರ್ಷದೊಳಗಿನ ನಿರುದ್ಯೋಗಿ ಯುವಕರು ಅರ್ಜಿ ಸಲ್ಲಿಸಬಹುದು. ತರಬೇತಿ ಅವಧಿಯಲ್ಲಿ ಉಚಿತ ಊಟ ಮತ್ತು ವಸತಿ ಸೌಲಭ್ಯ ಇರುತ್ತದೆ. ಬಿಪಿಎಲ್ ಕಾರ್ಡ್, ಆಧಾರ್ ಕಾರ್ಡ್, ಪಾಸ್‌ಪೋರ್ಟ್ ಅಳತೆಯ ಭಾವಚಿತ್ರದೊಂದಿಗೆ ಜುಲೈ 23ರೊಳಗೆ ಅರ್ಜಿ ಸಲ್ಲಿಸಬೇಕು. ಹೆಚ್ಚಿನ ಮಾಹಿತಿಗಾಗಿ ದೂ: 97409 82585, 92414 82541, 91138 80324 ಸಂಪರ್ಕಿಸಬಹುದು ಎಂದು ಸಂಸ್ಥೆಯ ನಿರ್ದೇಶಕರು ತಿಳಿಸಿದ್ದಾರೆ.
ಗೌರವಾನ್ವಿತ ಪ್ರಧಾನ ಸಿವಿಲ್ ನ್ಯಾಯಾಧೀಶರು ಮತ್ತು ಪ್ರಥಮ ದರ್ಜೆ ನ್ಯಾಯಿಕ ದಂಡಾಧಿಕಾರಿಗಳವರ ನ್ಯಾಯಾಲಯ, ಹೊಳಲ್ಕೆರೆ
ಅ.ಸಂ.: 27/2025
1) ಶ್ರೀ.ಕೆ.ಸತ್ಯ ರವರ ಪುತ್ರ ಸಂತೋಷ್, ವಯಸ್ಸು 39 ವರ್ಷ, ಚಿತ್ರದುರ್ಗ ತಾಲ್ಲೂಕು, ರಾಮಗಿರಿ ಗ್ರಾಮ ಪ್ರತಿವಾದಿಗಳು: ಶ್ರೀಮತಿ ಮಂಜುಳ ಸೂಚನೆ: ಶ್ರೀಮತಿ ಕೆ.ಕಮಲಮ್ಮ ನವರು ಪಡೆದಿರುವ ಸಾಲದ ಬಾಬ್ತು ಮೊಕದ್ದಮೆ ಹೂಡಿದ್ದು ನೀವು ಈ ನ್ಯಾಯಾಲಯಕ್ಕೆ ದಿನಾಂಕ: 21-08-2025 ರಂದು ಬೆಳಗ್ಗೆ 11.00 ಗಂಟೆಗೆ ಖುದ್ದಾಗಿ ಅಥವಾ ವಕೀಲರ ಮೂಲಕ ಹಾಜರಾಗಿ ನಿಮ್ಮ ಉತ್ತರವನ್ನು ಸಲ್ಲಿಸಬೇಕು. ತಪ್ಪಿದಲ್ಲಿ ನಿಮ್ಮ ಗೈರು ಹಾಜರಿಯಲ್ಲಿ ಪ್ರಕರಣವನ್ನು ಇತ್ಯರ್ಥಪಡಿಸಲಾಗುವುದು. ಈ ದಿನಾಂಕ 16-07-2025 ರಂದು ನನ್ನ ಸಹಿ ಮತ್ತು ನ್ಯಾಯಾಲಯದ ಮುದ್ರೆಯೊಂದಿಗೆ ನೀಡಲಾಗಿದೆ.
ಸಾರ್ವಜನಿಕ ಪ್ರಕಟಣೆ
1) ಶ್ರೀ.ಕೆ.ಸತ್ಯ ರವರ ಪುತ್ರ ಸಂತೋಷ್, ವಯಸ್ಸು 39 ವರ್ಷ, ಚಿತ್ರದುರ್ಗ ತಾಲ್ಲೂಕು, ರಾಮಗಿರಿ ಗ್ರಾಮ ಪ್ರತಿವಾದಿಗಳು: ಶ್ರೀಮತಿ ಮಂಜುಳ ಸೂಚನೆ: ಶ್ರೀಮತಿ ಕೆ.ಕಮಲಮ್ಮ ನವರು ಪಡೆದಿರುವ ಸಾಲದ ಬಾಬ್ತು ಮೊಕದ್ದಮೆ ಹೂಡಿದ್ದು ನೀವು ಈ ನ್ಯಾಯಾಲಯಕ್ಕೆ ದಿನಾಂಕ: 21-08-2025 ರಂದು ಬೆಳಗ್ಗೆ 11.00 ಗಂಟೆಗೆ ಖುದ್ದಾಗಿ ಅಥವಾ ವಕೀಲರ ಮೂಲಕ ಹಾಜರಾಗಿ ನಿಮ್ಮ ಉತ್ತರವನ್ನು ಸಲ್ಲಿಸಬೇಕು. ತಪ್ಪಿದಲ್ಲಿ ನಿಮ್ಮ ಗೈರು ಹಾಜರಿಯಲ್ಲಿ ಪ್ರಕರಣವನ್ನು ಇತ್ಯರ್ಥಪಡಿಸಲಾಗುವುದು. ಈ ದಿನಾಂಕ 16-07-2025 ರಂದು ನನ್ನ ಸಹಿ ಮತ್ತು ನ್ಯಾಯಾಲಯದ ಮುದ್ರೆಯೊಂದಿಗೆ ನೀಡಲಾಗಿದೆ.
ದಿನಾಂಕ: 17-07-2025
ಶ್ರೀ.ಎಸ್.ಹಿರೇಮಠ್ (ಅರ್ಜಿದಾರರ ಪರ ವಕೀಲರು), ಹೊಳಲ್ಕೆರೆ
ನ್ಯಾಯಾಲಯದ ಆದೇಶದ ಮೇರೆಗೆ ಸಿರಸ್ತೇದಾರರು, ಪ್ರಧಾನ ಸಿವಿಲ್ ನ್ಯಾಯಾಲಯ, ಹೊಳಲ್ಕೆರೆ
ಮಾನ್ಯ ಎನ್ ಮೊದಲ ಪ್ರಧಾನ ಸಿವಿಲ್ ಜಡ್ಜ್ ಮತ್ತು ಜೆ.ಎಂ.ಎಫ್.ಸಿ ರವರ ನ್ಯಾಯಾಲಯ, ಹೊಸದುರ್ಗ
ಒ.ಎಸ್.ನಂ.546/2025
ಅರ್ಜಿದಾರರು: ಸರೋಜಮ್ಮ ಕೋಂ ಬಸವರಾಜಪ್ಪ, ವಯಸ್ಸು 60 ವರ್ಷ, ವ್ಯವಸಾಯ, ವಾಸ: ಹೊಸದುರ್ಗ ತಾಲ್ಲೂಕು. ಪ್ರತಿವಾದಿಗಳು: ಈ ಮೇಲ್ಕಂಡ ಅರ್ಜಿದಾರರು ಸಲ್ಲಿಸಿರುವ ದಾವೆಯ ಬಗ್ಗೆ ನೀವು ದಿನಾಂಕ 10-03-1994 ರಂದು ಮೃತಪಟ್ಟ ಲಕ್ಷ್ಮಮ್ಮ ರವರ ವಾರಸುದಾರರಾಗಿದ್ದು ಈ ನ್ಯಾಯಾಲಯಕ್ಕೆ ದಿನಾಂಕ 11-08-2025 ರಂದು ಬೆಳಗ್ಗೆ 11 ಗಂಟೆಗೆ ಹಾಜರಾಗಬೇಕು. ತಪ್ಪಿದಲ್ಲಿ ಏಕಪಕ್ಷೀಯವಾಗಿ ತೀರ್ಮಾನಿಸಲಾಗುವುದು.
ಸಾರ್ವಜನಿಕ ಪ್ರಕಟಣೆ
ದಿನಾಂಕ: 17-07-2025
ನ್ಯಾಯಾಲಯದ ಆದೇಶದ ಮೇರೆಗೆ ಸಿರಸ್ತೇದಾರರು, ಹೊಸದುರ್ಗ
